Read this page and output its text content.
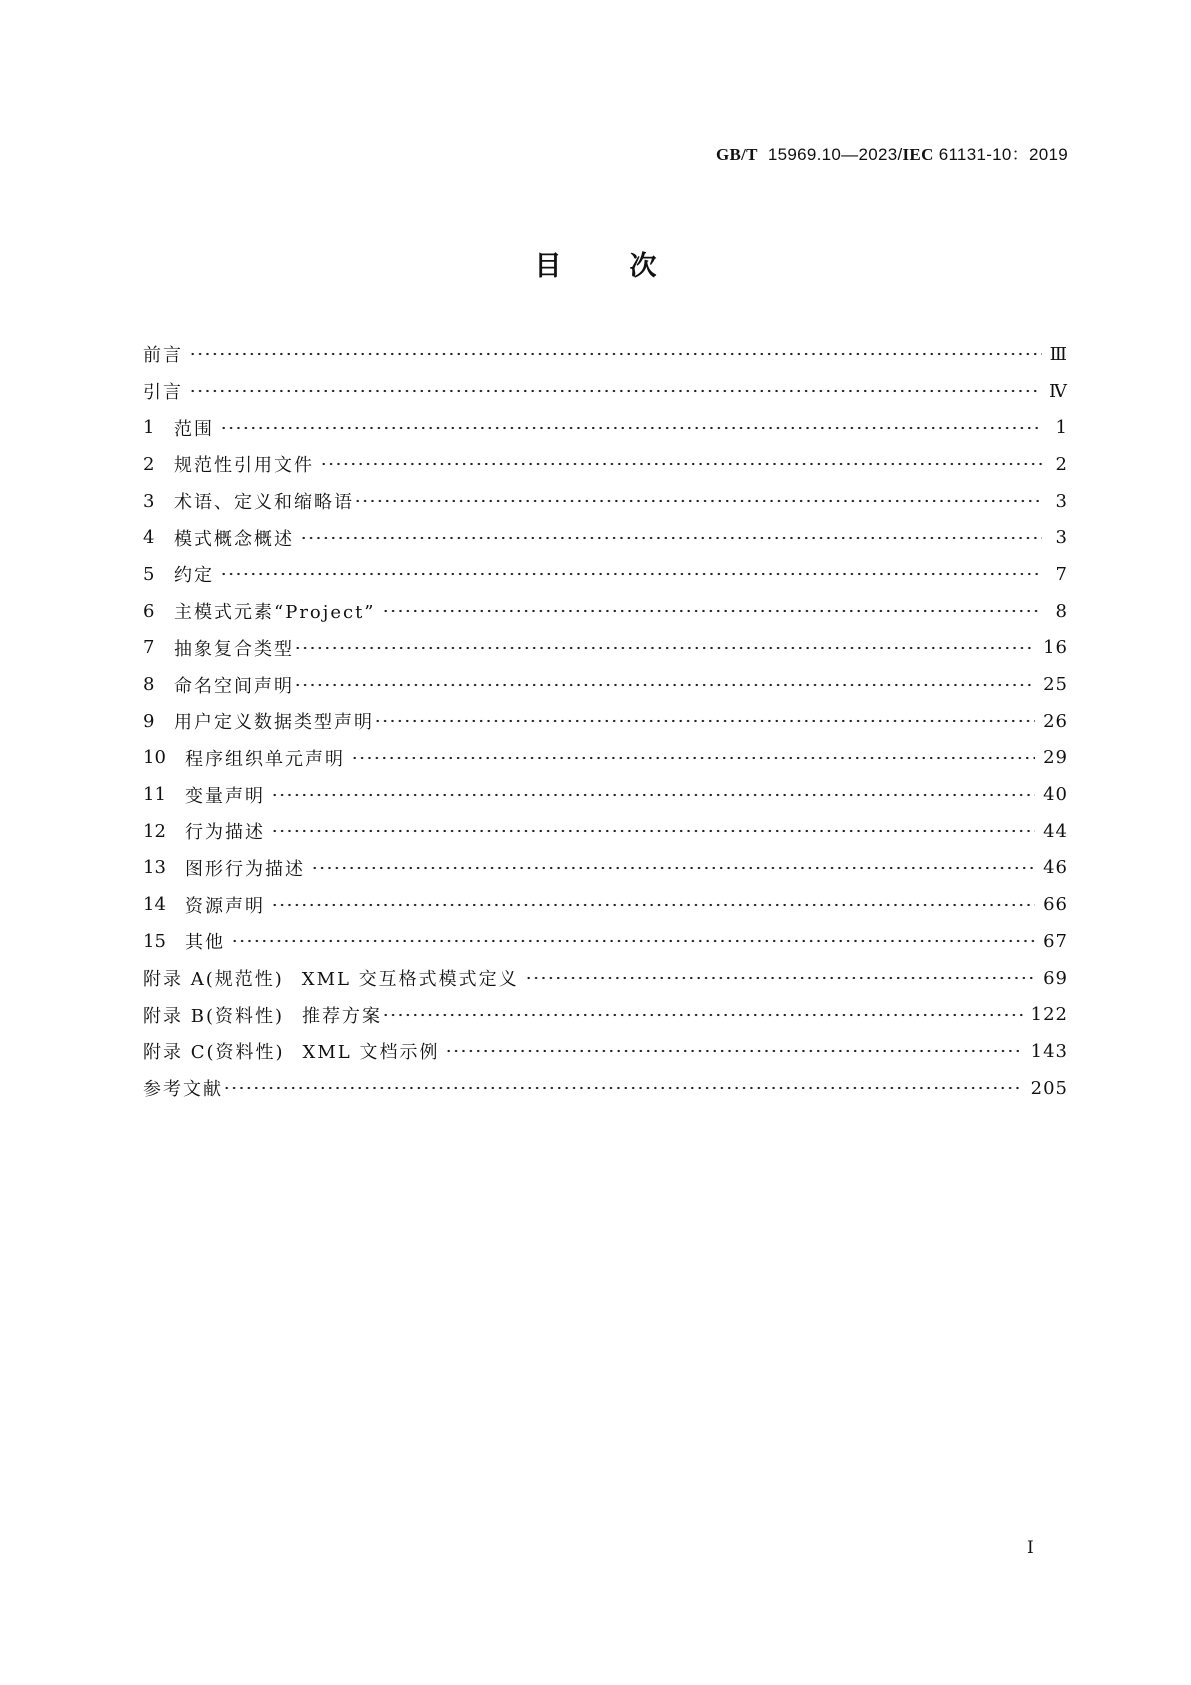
GB/T 15969.10—2023/IEC 61131-10：2019
目	次
前言	Ⅲ
引言	Ⅳ
1	范围	1
2	规范性引用文件	2
3	术语、定义和缩略语	3
4	模式概念概述	3
5	约定	7
6	主模式元素“Project”	8
7	抽象复合类型	16
8	命名空间声明	25
9	用户定义数据类型声明	26
10	程序组织单元声明	29
11	变量声明	40
12	行为描述	44
13	图形行为描述	46
14	资源声明	66
15	其他	67
附录 A(规范性) XML 交互格式模式定义	69
附录 B(资料性) 推荐方案	122
附录 C(资料性) XML 文档示例	143
参考文献	205
I
